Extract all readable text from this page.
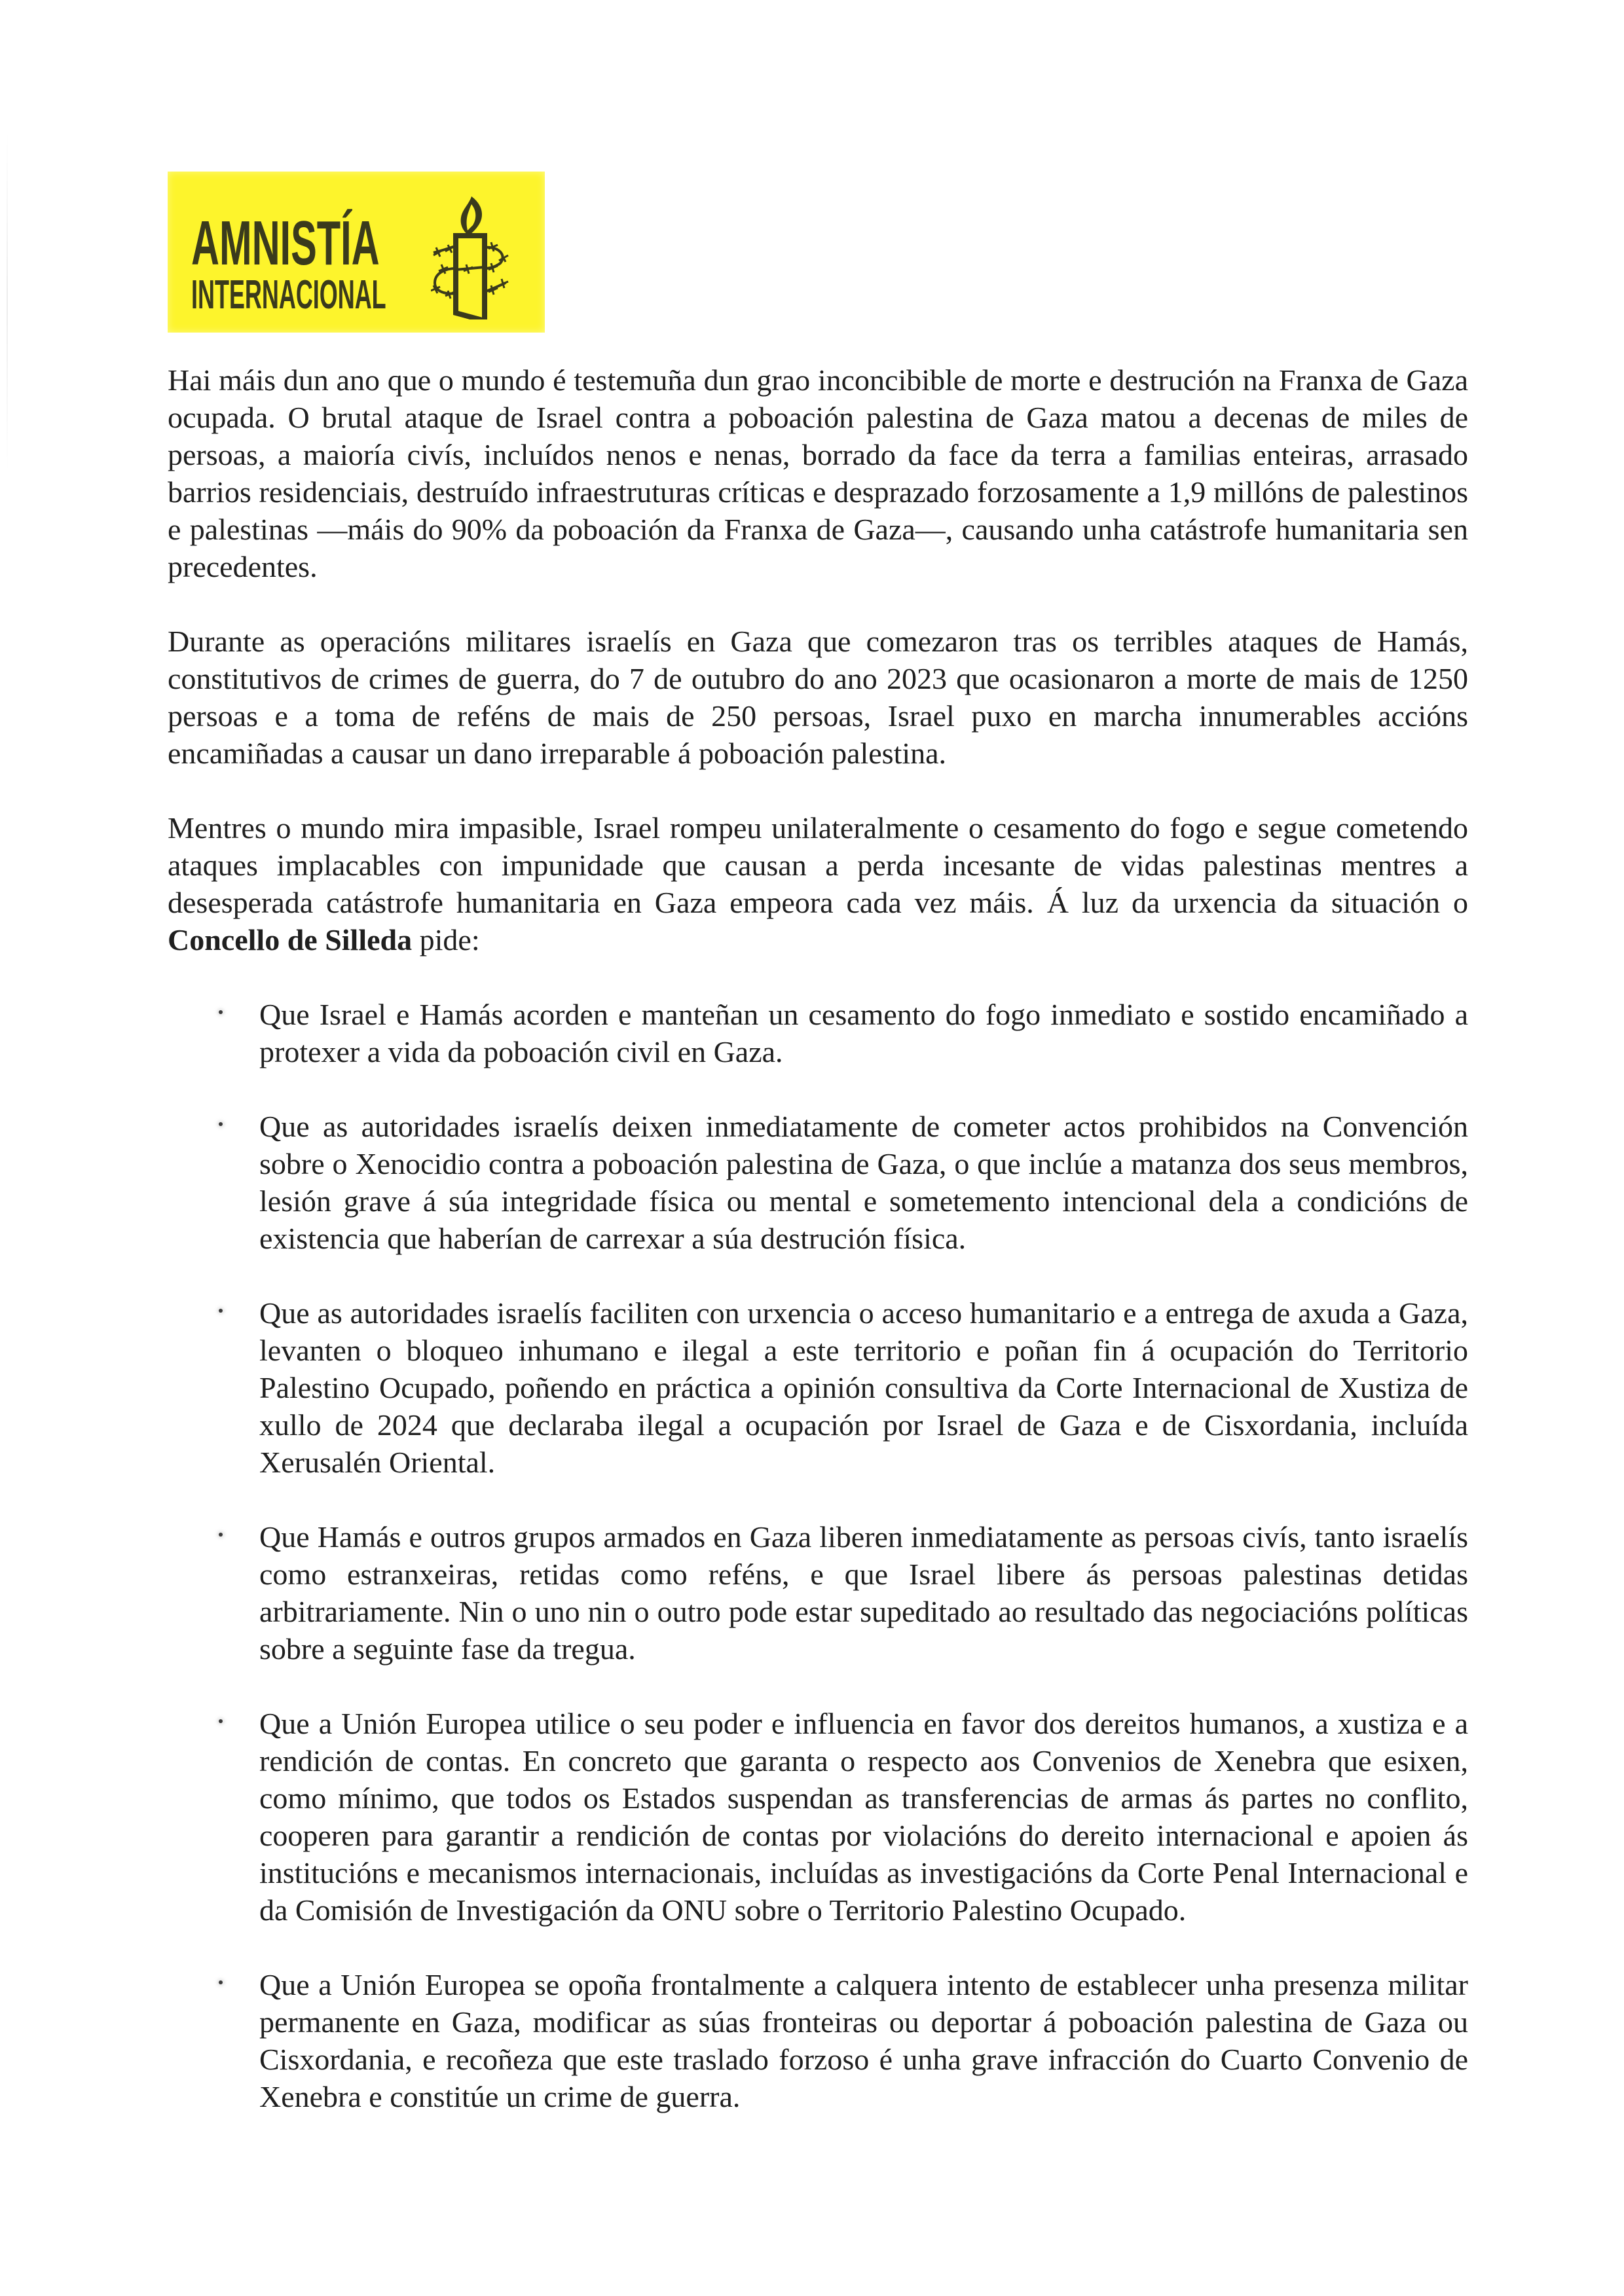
AMNISTÍA
INTERNACIONAL

Hai máis dun ano que o mundo é testemuña dun grao inconcibible de morte e destrución na Franxa de Gaza ocupada. O brutal ataque de Israel contra a poboación palestina de Gaza matou a decenas de miles de persoas, a maioría civís, incluídos nenos e nenas, borrado da face da terra a familias enteiras, arrasado barrios residenciais, destruído infraestruturas críticas e desprazado forzosamente a 1,9 millóns de palestinos e palestinas —máis do 90% da poboación da Franxa de Gaza—, causando unha catástrofe humanitaria sen precedentes.

Durante as operacións militares israelís en Gaza que comezaron tras os terribles ataques de Hamás, constitutivos de crimes de guerra, do 7 de outubro do ano 2023 que ocasionaron a morte de mais de 1250 persoas e a toma de reféns de mais de 250 persoas, Israel puxo en marcha innumerables accións encamiñadas a causar un dano irreparable á poboación palestina.

Mentres o mundo mira impasible, Israel rompeu unilateralmente o cesamento do fogo e segue cometendo ataques implacables con impunidade que causan a perda incesante de vidas palestinas mentres a desesperada catástrofe humanitaria en Gaza empeora cada vez máis. Á luz da urxencia da situación o Concello de Silleda pide:

Que Israel e Hamás acorden e manteñan un cesamento do fogo inmediato e sostido encamiñado a protexer a vida da poboación civil en Gaza.
Que as autoridades israelís deixen inmediatamente de cometer actos prohibidos na Convención sobre o Xenocidio contra a poboación palestina de Gaza, o que inclúe a matanza dos seus membros, lesión grave á súa integridade física ou mental e sometemento intencional dela a condicións de existencia que haberían de carrexar a súa destrución física.
Que as autoridades israelís faciliten con urxencia o acceso humanitario e a entrega de axuda a Gaza, levanten o bloqueo inhumano e ilegal a este territorio e poñan fin á ocupación do Territorio Palestino Ocupado, poñendo en práctica a opinión consultiva da Corte Internacional de Xustiza de xullo de 2024 que declaraba ilegal a ocupación por Israel de Gaza e de Cisxordania, incluída Xerusalén Oriental.
Que Hamás e outros grupos armados en Gaza liberen inmediatamente as persoas civís, tanto israelís como estranxeiras, retidas como reféns, e que Israel libere ás persoas palestinas detidas arbitrariamente. Nin o uno nin o outro pode estar supeditado ao resultado das negociacións políticas sobre a seguinte fase da tregua.
Que a Unión Europea utilice o seu poder e influencia en favor dos dereitos humanos, a xustiza e a rendición de contas. En concreto que garanta o respecto aos Convenios de Xenebra que esixen, como mínimo, que todos os Estados suspendan as transferencias de armas ás partes no conflito, cooperen para garantir a rendición de contas por violacións do dereito internacional e apoien ás institucións e mecanismos internacionais, incluídas as investigacións da Corte Penal Internacional e da Comisión de Investigación da ONU sobre o Territorio Palestino Ocupado.
Que a Unión Europea se opoña frontalmente a calquera intento de establecer unha presenza militar permanente en Gaza, modificar as súas fronteiras ou deportar á poboación palestina de Gaza ou Cisxordania, e recoñeza que este traslado forzoso é unha grave infracción do Cuarto Convenio de Xenebra e constitúe un crime de guerra.
